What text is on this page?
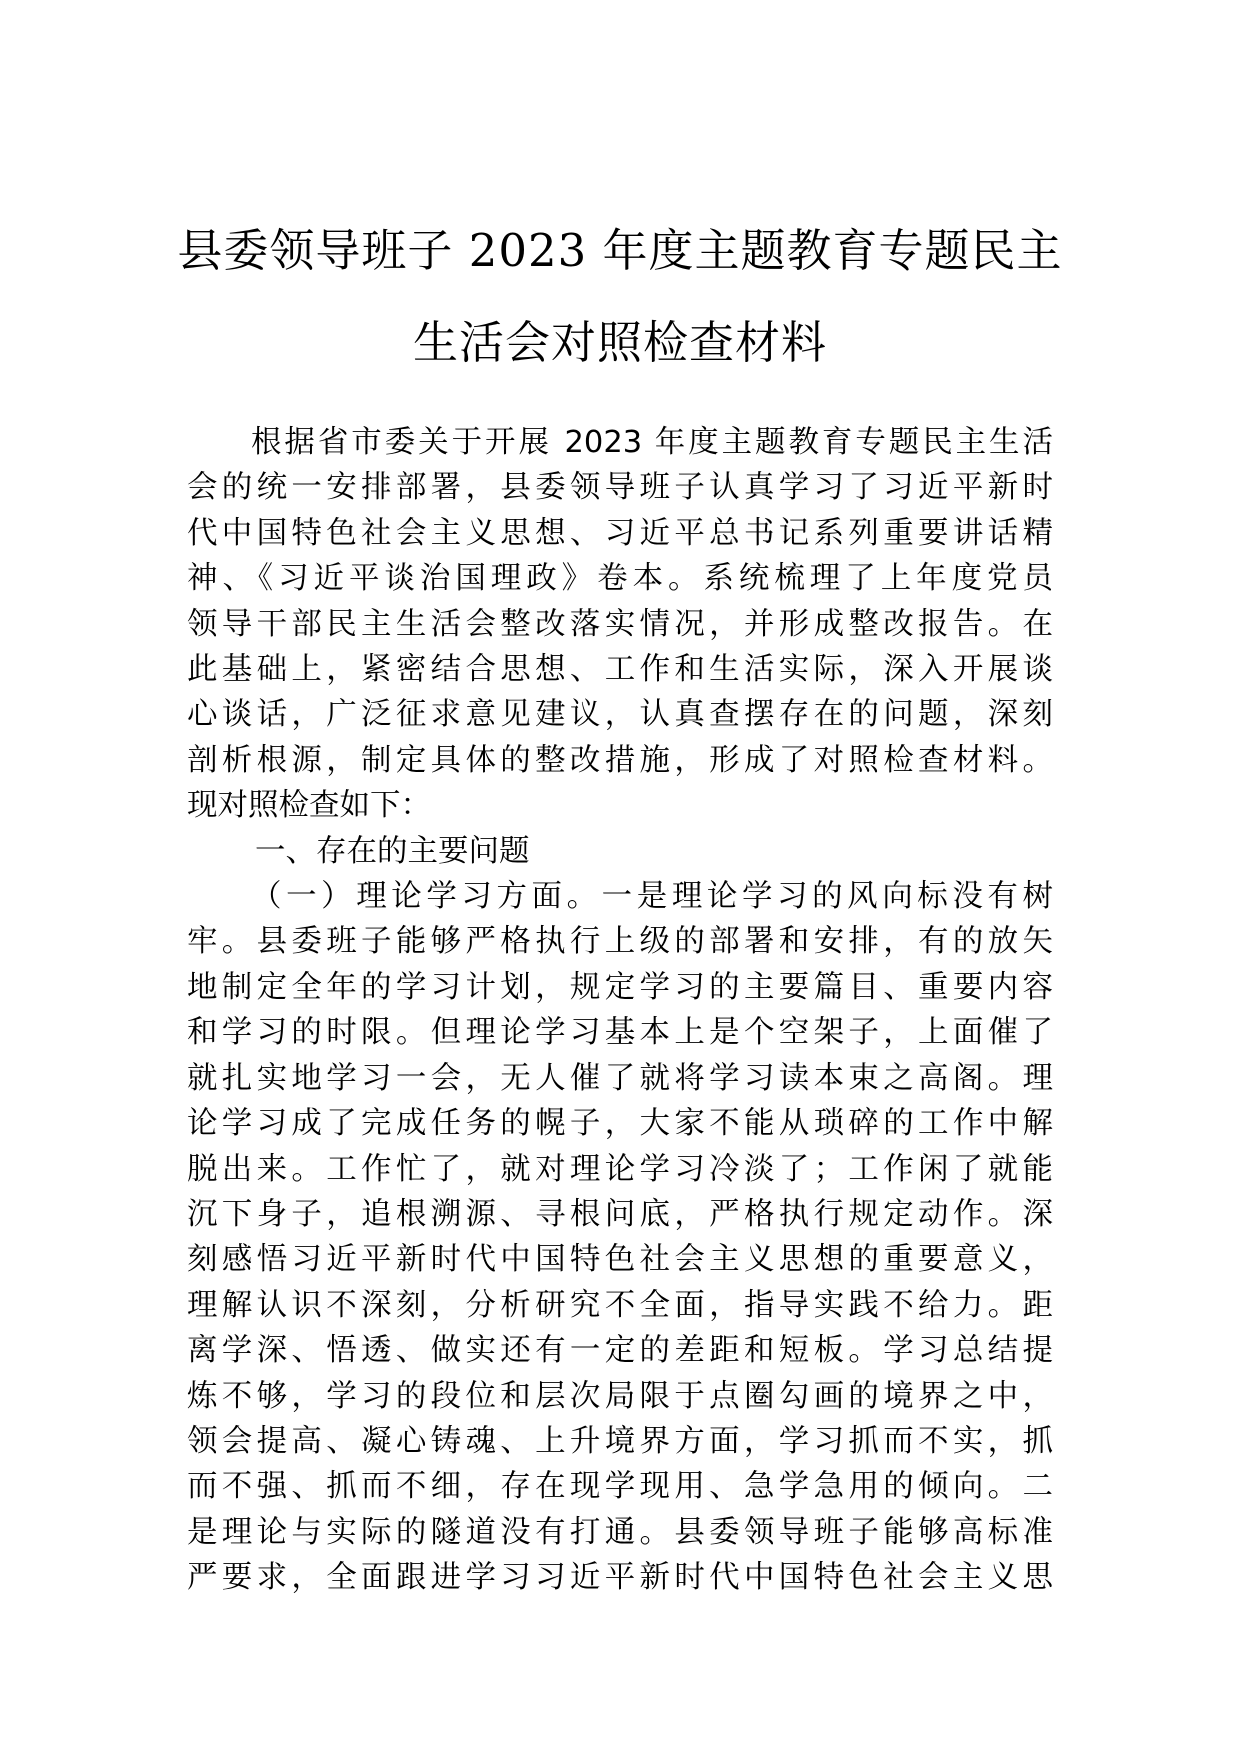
县委领导班子 2023 年度主题教育专题民主
生活会对照检查材料
根据省市委关于开展 2023 年度主题教育专题民主生活
会的统一安排部署，县委领导班子认真学习了习近平新时
代中国特色社会主义思想、习近平总书记系列重要讲话精
神、《习近平谈治国理政》卷本。系统梳理了上年度党员
领导干部民主生活会整改落实情况，并形成整改报告。在
此基础上，紧密结合思想、工作和生活实际，深入开展谈
心谈话，广泛征求意见建议，认真查摆存在的问题，深刻
剖析根源，制定具体的整改措施，形成了对照检查材料。
现对照检查如下：
一、存在的主要问题
（一）理论学习方面。一是理论学习的风向标没有树
牢。县委班子能够严格执行上级的部署和安排，有的放矢
地制定全年的学习计划，规定学习的主要篇目、重要内容
和学习的时限。但理论学习基本上是个空架子，上面催了
就扎实地学习一会，无人催了就将学习读本束之高阁。理
论学习成了完成任务的幌子，大家不能从琐碎的工作中解
脱出来。工作忙了，就对理论学习冷淡了；工作闲了就能
沉下身子，追根溯源、寻根问底，严格执行规定动作。深
刻感悟习近平新时代中国特色社会主义思想的重要意义，
理解认识不深刻，分析研究不全面，指导实践不给力。距
离学深、悟透、做实还有一定的差距和短板。学习总结提
炼不够，学习的段位和层次局限于点圈勾画的境界之中，
领会提高、凝心铸魂、上升境界方面，学习抓而不实，抓
而不强、抓而不细，存在现学现用、急学急用的倾向。二
是理论与实际的隧道没有打通。县委领导班子能够高标准
严要求，全面跟进学习习近平新时代中国特色社会主义思
